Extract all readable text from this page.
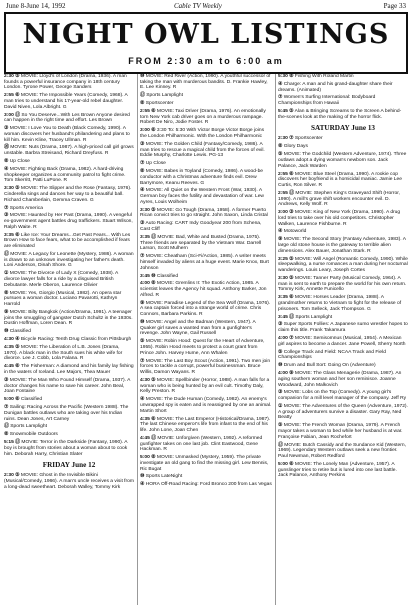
June 8-June 14, 1992	Cable TV Weekly	Page 33
NIGHT OWL LISTINGS
FROM 2:30 am to 6:00 am
2:30 ⑤ MOVIE: Lloyd's of London (Drama, 1936). A man founds a powerful insurance company in 18th century London. Tyrone Power, George Sanders
2:55 ⑥ MOVIE: The Impossible Years (Comedy, 1968). A man tries to understand his 17-year-old rebel daughter. David Niven, Lola Albright. G
3:00 ⑫ So You Deserve...With Les Brown Anyone desired can happen in the right time and effort. Les Brown
③ MOVIE: I Love You to Death (Black Comedy, 1990). A woman discovers her husband's philandering and plans to kill him. Kevin Kline, Tracey Ullman. R
⑳ MOVIE: Nuts (Drama, 1987). A high-priced call girl grows unstable. Barbra Streisand, Richard Dreyfuss. R
⑧ Up Close
④ MOVIE: Fighting Back (Drama, 1982). A hard-driving shopkeeper organizes a community patrol to fight crime. Tom Skerritt, Patti LuPone. R
3:30 ⑤ MOVIE: The Slipper and the Rose (Fantasy, 1976). Cinderella sings and dances her way to a beautiful ball. Richard Chamberlain, Gemma Craven. G
⑦ Sports America
③ MOVIE: Haunted by Her Past (Drama, 1990). A vengeful ex-government agent battles drug traffickers. Stuart Wilson, Ralph Waite. R
3:35 ⑥ Like Ice: Your Dreams...Get Past Fears... With Les Brown How to face fears, what to be accomplished if fears are eliminated
⑫ MOVIE: A Legacy for Leonette (Mystery, 1986). A woman is drawn to an unknown investigating her father's death. Loni Anderson, Dinah Shore. G
① MOVIE: The Divorce of Lady X (Comedy, 1938). A divorce lawyer falls for a ride by a disguised British Debutante. Merle Oberon, Laurence Olivier
⑧ MOVIE: Yes, Giorgio (Musical, 1982). An opera star pursues a woman doctor. Luciano Pavarotti, Kathryn Harrold
⑨ MOVIE: Bilty Bangkok (Action/Drama, 1991). A teenager joins the smuggling of gangster Dutch Schultz in the 1930s. Dustin Hoffman, Loren Dean. R
⑩ Classified
4:30 ④ Bicycle Racing: Tenth Drug Classic from Pittsburgh
4:35 ⑤ MOVIE: The Liberation of L.B. Jones (Drama, 1970). A black man in the South sues his white wife for divorce. Lee J. Cobb, Lola Falana. R
4:45 ⑥ The Fisherman: A diamond and his family lay fishing in the waters of Iceland. Lee Majors, Thea Mauer
③ MOVIE: The Man Who Found Himself (Drama, 1937). A doctor changes his name to save his career. John Beal, Joan Fontaine
5:00 ⑥ Classified
⑦ Sailing: Racing Across the Pacific (Western 1988). The Dunigan battles outlaws who are taking over his Indian ruins. Dean Jones, Art Carney
⑫ Sports Lamplight
⑧ Snowmobile Outdoors
5:15 ⑫ MOVIE: Terror in the Darkside (Fantasy, 1990). A boy is brought from stories about a woman about to cook him. Deborah Harry, Christian Slater
FRIDAY June 12
2:30 ⑤ MOVIE: Ghost in the Invisible Bikini (Musical/Comedy, 1966). A man's uncle receives a visit from a long-dead sweetheart. Deborah Walley, Tommy Kirk
⑩ MOVIE: Red River (Action, 1990). A youthful successor of taking the man with murderous bandits. D. Frankie Hawley, E. Lee Kinney. R
⑫ Sports Lamplight
⑧ Sportscenter
2:55 ⑥ MOVIE: Taxi Driver (Drama, 1976). An emotionally torn New York cab driver goes on a murderous rampage. Robert De Niro, Jodie Foster. R
3:00 ⑥ 3:30 To: 5:30 With Victor Borge Victor Borge joins the London Philharmonic. With the London Philharmonic
③ MOVIE: The Golden Child (Fantasy/Comedy, 1986). A man tries to rescue a magical child from the forces of evil. Eddie Murphy, Charlotte Lewis. PG-13
⑦ Up Close
⑧ MOVIE: Babes in Toyland (Comedy, 1986). A wood-be conductor with a Christmas adventure finds evil. Drew Barrymore, Keanu Reeves. G
④ MOVIE: All Quiet on the Western Front (War, 1930). A German boy faces the futility and devastation of war. Lew Ayres, Louis Wolheim
3:30 ⑤ MOVIE: Go Tough (Drama, 1958). A former Puerto Rican convict tries to go straight. John Saxon, Linda Cristal
③ Auto Racing: CART Indy Goodyear 200 from Schena, Cast Cliff
3:35 ⑫ MOVIE: Bad, White and Busted (Drama, 1975). Three friends are separated by the Vietnam War. Darrell Larson, Scott Mulhern
⑦ MOVIE: Cheatham (Sci-Fi/Action, 1985). A writer meets himself invaded by aliens at a huge event. Marie Knox, Burt Johnson
3:45 ⑩ Classified
4:00 ⑧ MOVIE: Gremlins II: The Exotic Action, 1985. A scientist leaves the Agency hit squad. Anthony Barker, Jon Alfred. R
⑨ MOVIE: Paradise Legend of the Sea Wolf (Drama, 1976). A sea captain forced into a strange world of crime. Chris Connors, Barbara Parkins. R
⑩ MOVIE: Angel and the Badman (Western, 1947). A Quaker girl saves a wanted man from a gunfighter's revenge. John Wayne, Gail Russell
⑤ MOVIE: Robin Hood: Quest for the Heart of Adventure, 1955). Robin Hood meets to protect a court grant from Prince John. Harvey Hume, Ann Whalen
⑦ MOVIE: The Last Boy Scout (Action, 1991). Two men join forces to tackle a corrupt, powerful businessman. Bruce Willis, Damon Wayans. R
4:30 ⑤ MOVIE: Spellbinder (Horror, 1988). A man falls for a woman who is being hunted by an evil cult. Timothy Daly, Kelly Preston. R
④ MOVIE: The Dude Human (Comedy, 1982). An enemy's unwrapped spy is eaten and is reassigned by one an animal. Martin Short
4:35 ⑥ MOVIE: The Last Emperor (Historical/Drama, 1987). The last Chinese emperor's life from infant to the end of his life. John Lone, Joan Chen
4:45 ⑫ MOVIE: Unforgiven (Western, 1992). A reformed gunfighter takes on one last job. Clint Eastwood, Gene Hackman. R
5:00 ⑧ MOVIE: Unmasked (Mystery, 1959). The private investigate an old gang to find the missing girl. Lew Bennis, Ric Bugat
⑩ Sports LateNight
④ HORA Off-Road Racing: Ford Bronco 200 from Las Vegas
5:30 ⑧ Fishing With Roland Martin
④ Charge: A man and his grand-daughter share their dreams. (Animated)
⑦ Women's Surfing International: Bodyboard Championships from Hawaii
5:45 ⑤ Alan & Bringing Screams to the Screen A behind-the-scenes look at the making of the horror flick.
SATURDAY June 13
2:30 ⑦ Sportscenter
⑧ Glory Days
⑤ MOVIE: The Godchild (Western Adventure, 1974). Three outlaws adopt a dying woman's newborn son. Jack Palance, Jack Warden
2:55 ⑥ MOVIE: Blue Steel (Drama, 1990). A rookie cop discovers her boyfriend is a homicidal maniac. Jamie Lee Curtis, Ron Silver. R
2:55 ⑫ MOVIE: Stephen King's Graveyard Shift (Horror, 1990). A mill's grave shift workers encounter evil. D. Andrews, Kelly Wolf. R
3:00 ③ MOVIE: King of New York (Drama, 1990). A drug lord tries to take over his old competitors. Christopher Walken, Laurence Fishburne. R
④ Motoworld
⑨ MOVIE: The Second Story (Fantasy Adventure, 1983). A large old stone house is the gateway to terrible alien dimensions. Alex Bauer, Jonathan Stark. R
3:25 ⑤ MOVIE: Will Angel (Romantic Comedy, 1990). While sleepwalking, a nurse romances a man during her nocturnal wanderings. Louis Leary, Joseph Cortes
3:30 ⑤ MOVIE: Tanner Party (Musical Comedy, 1964). A man is sent to earth to prepare the world for his own return. Tommy Kirk, Annette Funicello
3:35 ⑥ MOVIE: Horses Leader (Drama, 1988). A grandmother returns to Vietnam to fight for the release of prisoners. Tom Selleck, Jack Thompson. G
3:45 ⑫ Sports Lamplight
③ Super Sports Follies: A Japanese sumo wrestler hopes to claim this title. Frank Takamura
4:00 ⑦ MOVIE: Semisomnus (Musical, 1954). A Mexican girl aspires to become a dancer. Jane Powell, Sherry North
⑤ College Track and Field: NCAA Track and Field Championships
⑩ Drum and Bull Sort: Going On (Adventure)
4:00 ⑨ MOVIE: The Glass Menagerie (Drama, 1987). An aging southern woman and her son reminisce. Joanne Woodward, John Malkovich
③ MOVIE: Lobs on the Top (Comedy). A young girl's companion for a mill level manager of the company. Jeff Ry
① MOVIE: The Adventures of the Queen (Adventure, 1972). A group of adventurers survive a disaster. Gary Ray, Ned Beatty
⑤ MOVIE: The French Woman (Drama, 1979). A French mayor takes a woman to bed while her husband is at war. Françoise Fabian, Jean Rochefort
⑫ MOVIE: Butch Cassidy and the Sundance Kid (Western, 1969). Legendary Western outlaws seek a new frontier. Paul Newman, Robert Redford
5:00 ⑥ MOVIE: The Lonely Man (Adventure, 1957). A gunslinger tries to retire but is lured into one last battle. Jack Palance, Anthony Perkins
